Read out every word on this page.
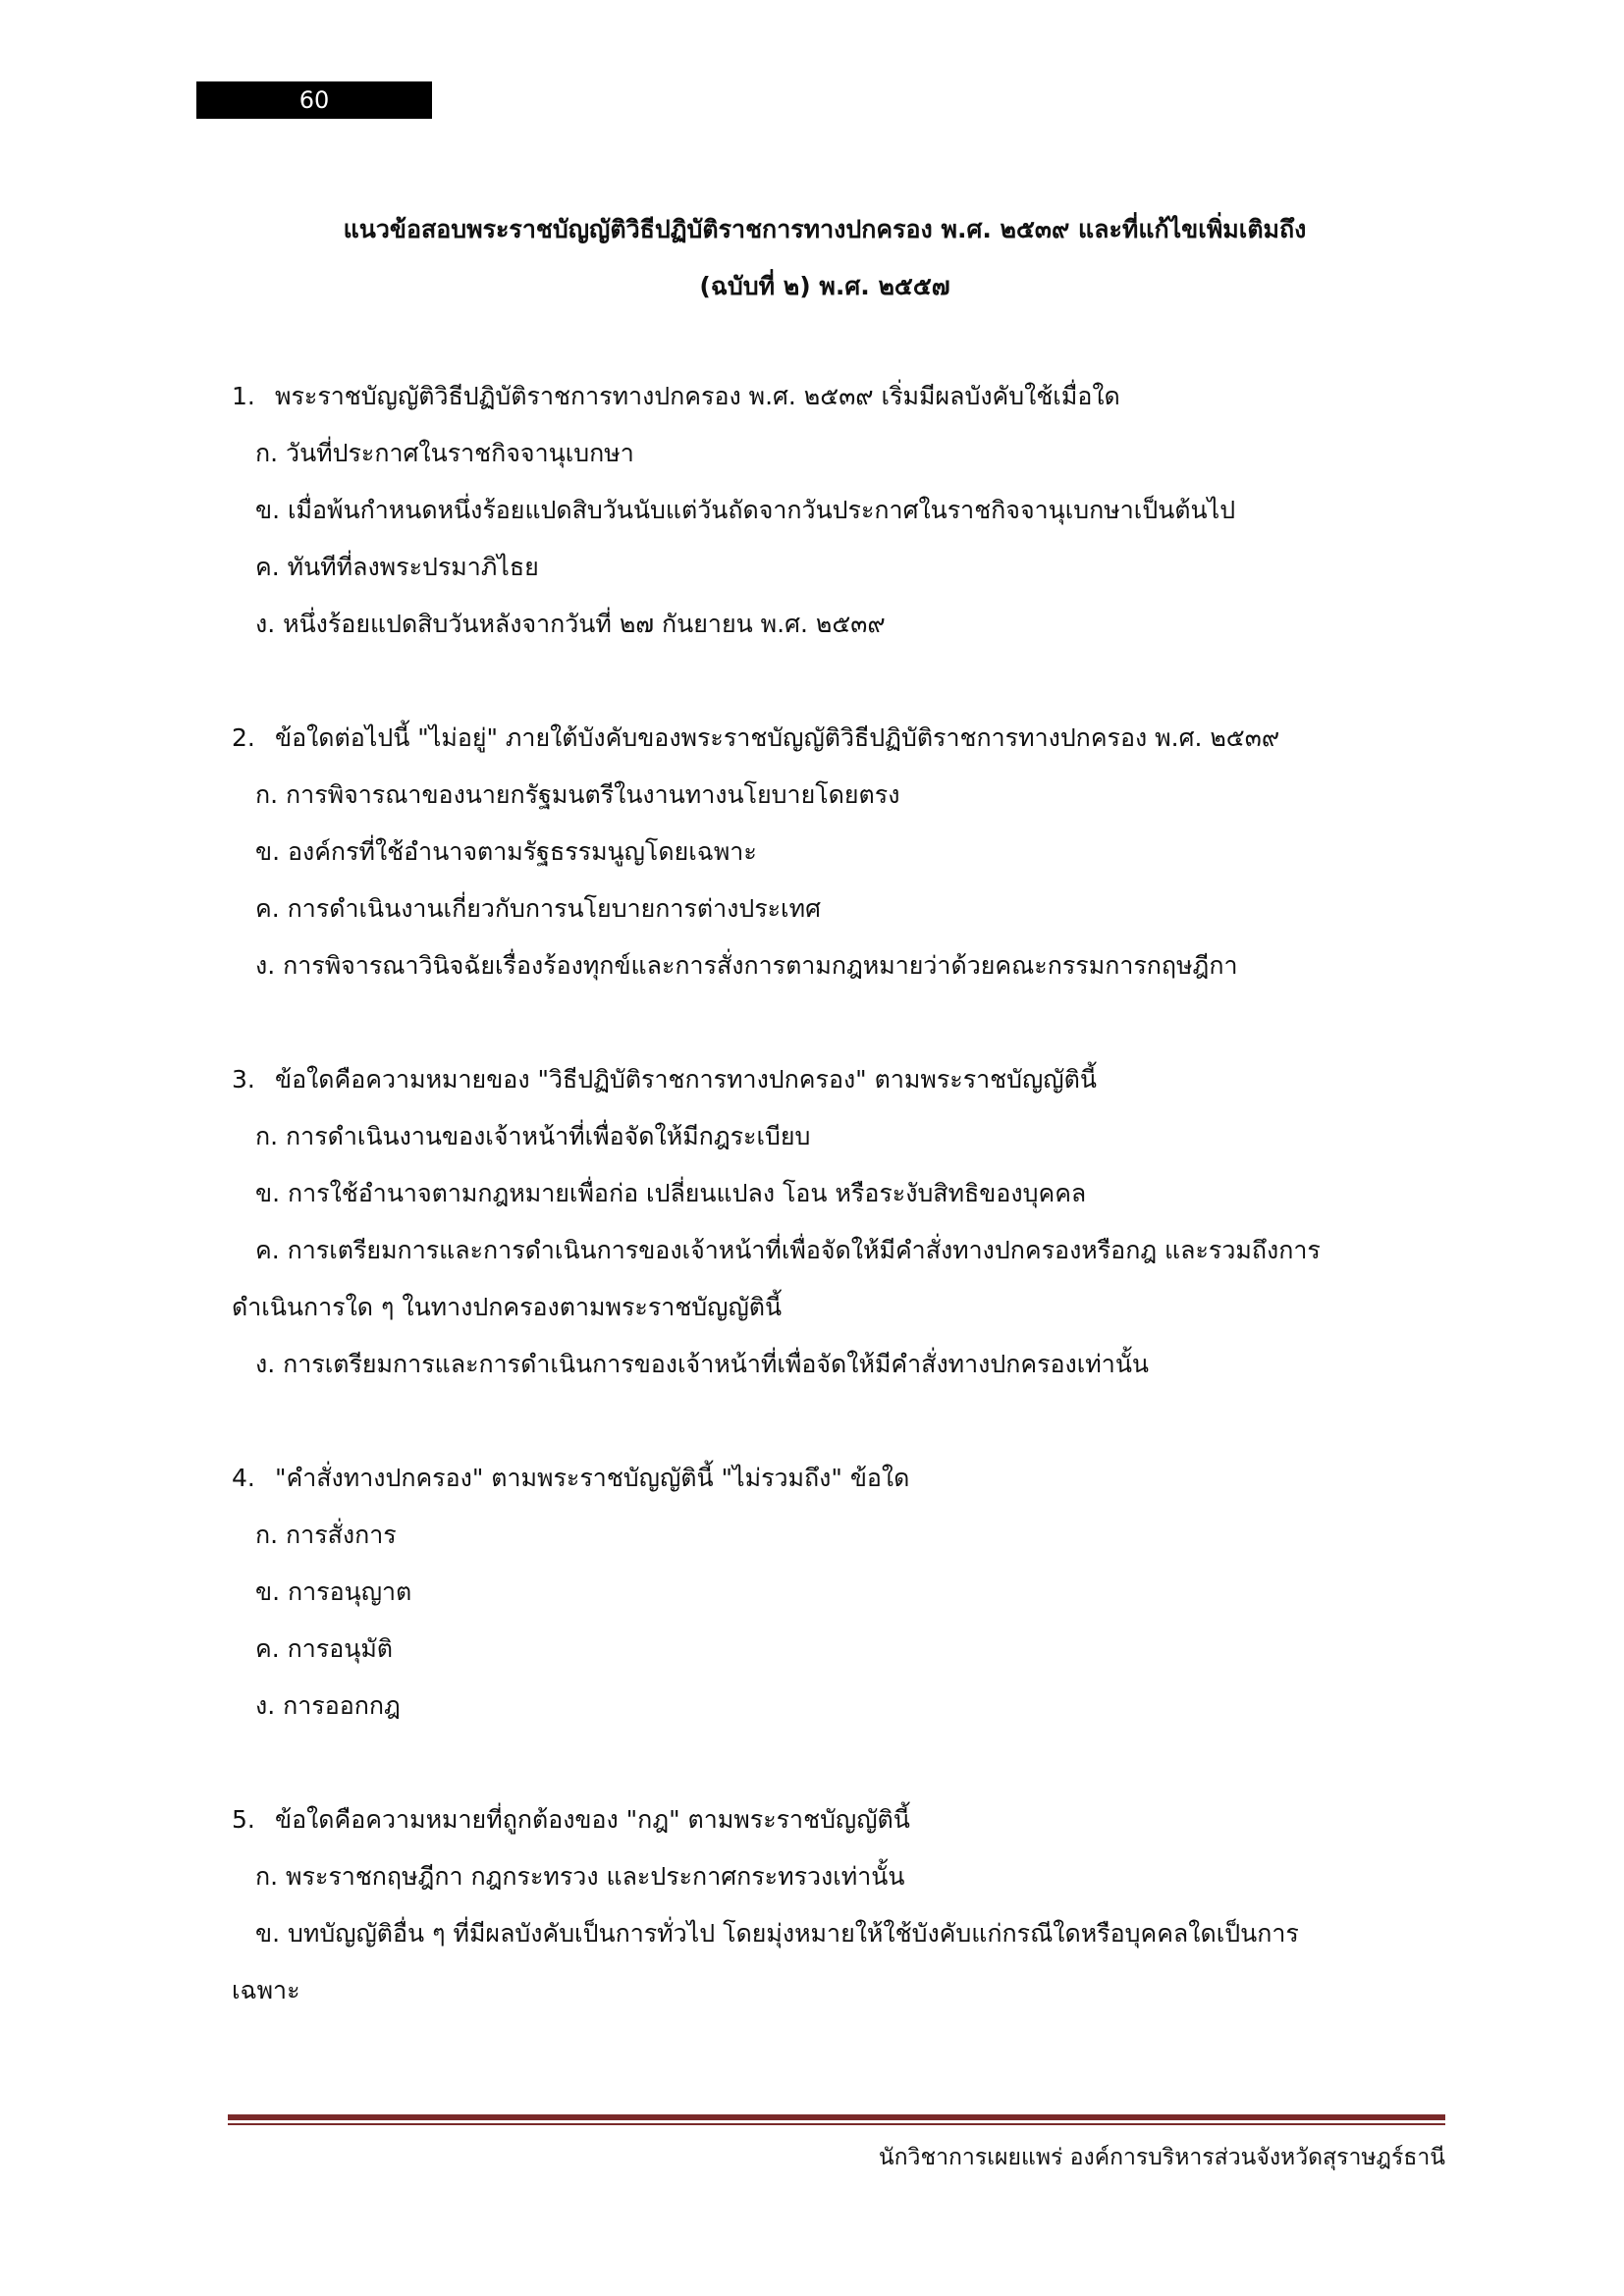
60
แนวข้อสอบพระราชบัญญัติวิธีปฏิบัติราชการทางปกครอง พ.ศ. ๒๕๓๙ และที่แก้ไขเพิ่มเติมถึง
(ฉบับที่ ๒) พ.ศ. ๒๕๕๗
1. พระราชบัญญัติวิธีปฏิบัติราชการทางปกครอง พ.ศ. ๒๕๓๙ เริ่มมีผลบังคับใช้เมื่อใด
ก. วันที่ประกาศในราชกิจจานุเบกษา
ข. เมื่อพ้นกำหนดหนึ่งร้อยแปดสิบวันนับแต่วันถัดจากวันประกาศในราชกิจจานุเบกษาเป็นต้นไป
ค. ทันทีที่ลงพระปรมาภิไธย
ง. หนึ่งร้อยแปดสิบวันหลังจากวันที่ ๒๗ กันยายน พ.ศ. ๒๕๓๙
2. ข้อใดต่อไปนี้ "ไม่อยู่" ภายใต้บังคับของพระราชบัญญัติวิธีปฏิบัติราชการทางปกครอง พ.ศ. ๒๕๓๙
ก. การพิจารณาของนายกรัฐมนตรีในงานทางนโยบายโดยตรง
ข. องค์กรที่ใช้อำนาจตามรัฐธรรมนูญโดยเฉพาะ
ค. การดำเนินงานเกี่ยวกับการนโยบายการต่างประเทศ
ง. การพิจารณาวินิจฉัยเรื่องร้องทุกข์และการสั่งการตามกฎหมายว่าด้วยคณะกรรมการกฤษฎีกา
3. ข้อใดคือความหมายของ "วิธีปฏิบัติราชการทางปกครอง" ตามพระราชบัญญัตินี้
ก. การดำเนินงานของเจ้าหน้าที่เพื่อจัดให้มีกฎระเบียบ
ข. การใช้อำนาจตามกฎหมายเพื่อก่อ เปลี่ยนแปลง โอน หรือระงับสิทธิของบุคคล
ค. การเตรียมการและการดำเนินการของเจ้าหน้าที่เพื่อจัดให้มีคำสั่งทางปกครองหรือกฎ และรวมถึงการ
ดำเนินการใด ๆ ในทางปกครองตามพระราชบัญญัตินี้
ง. การเตรียมการและการดำเนินการของเจ้าหน้าที่เพื่อจัดให้มีคำสั่งทางปกครองเท่านั้น
4. "คำสั่งทางปกครอง" ตามพระราชบัญญัตินี้ "ไม่รวมถึง" ข้อใด
ก. การสั่งการ
ข. การอนุญาต
ค. การอนุมัติ
ง. การออกกฎ
5. ข้อใดคือความหมายที่ถูกต้องของ "กฎ" ตามพระราชบัญญัตินี้
ก. พระราชกฤษฎีกา กฎกระทรวง และประกาศกระทรวงเท่านั้น
ข. บทบัญญัติอื่น ๆ ที่มีผลบังคับเป็นการทั่วไป โดยมุ่งหมายให้ใช้บังคับแก่กรณีใดหรือบุคคลใดเป็นการ
เฉพาะ
นักวิชาการเผยแพร่ องค์การบริหารส่วนจังหวัดสุราษฎร์ธานี
